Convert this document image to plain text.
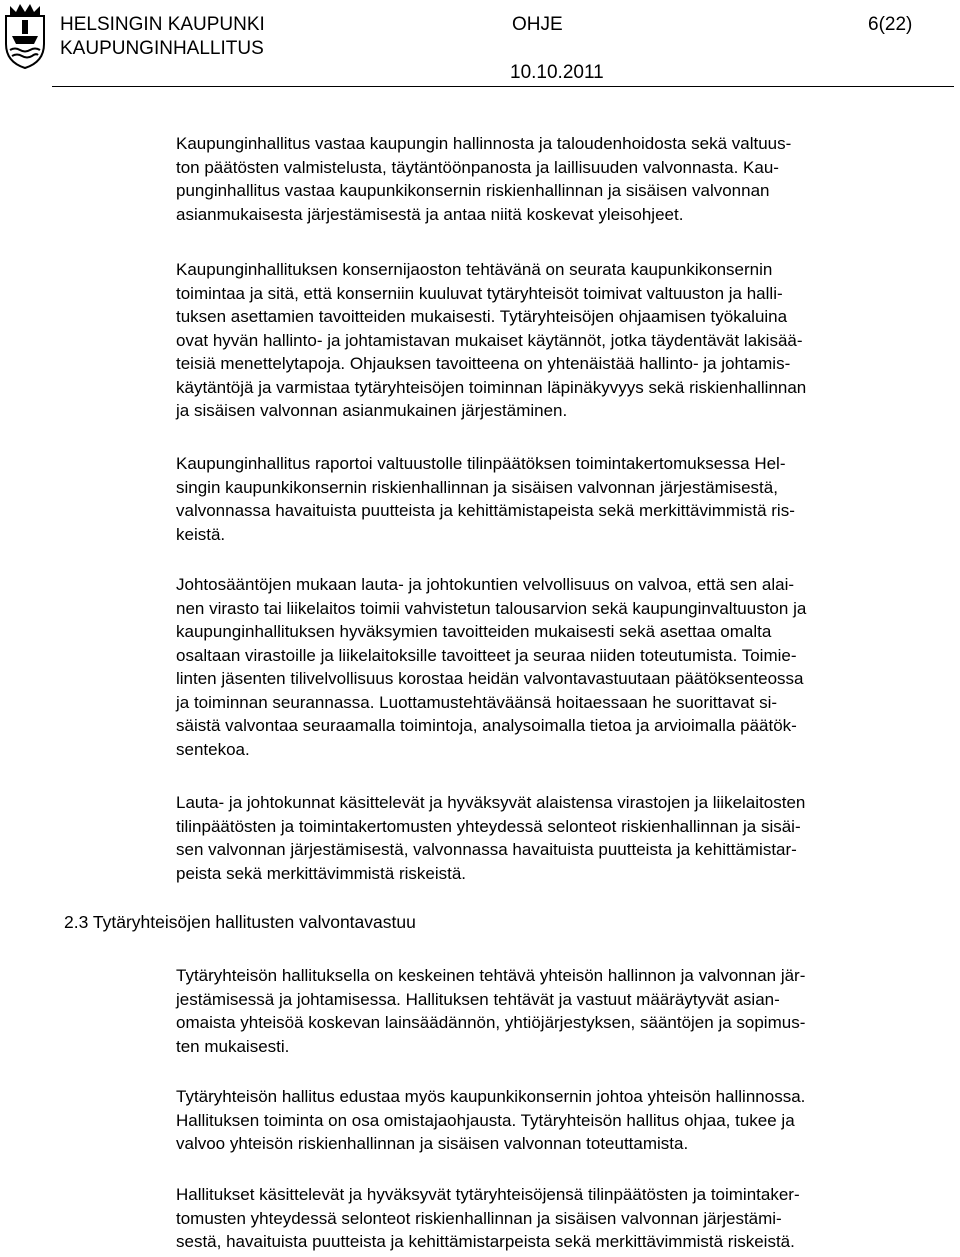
HELSINGIN KAUPUNKI
KAUPUNGINHALLITUS
OHJE	6(22)
10.10.2011
Kaupunginhallitus vastaa kaupungin hallinnosta ja taloudenhoidosta sekä valtuus-
ton päätösten valmistelusta, täytäntöönpanosta ja laillisuuden valvonnasta. Kau-
punginhallitus vastaa kaupunkikonsernin riskienhallinnan ja sisäisen valvonnan
asianmukaisesta järjestämisestä ja antaa niitä koskevat yleisohjeet.
Kaupunginhallituksen konsernijaoston tehtävänä on seurata kaupunkikonsernin
toimintaa ja sitä, että konserniin kuuluvat tytäryhteisöt toimivat valtuuston ja halli-
tuksen asettamien tavoitteiden mukaisesti. Tytäryhteisöjen ohjaamisen työkaluina
ovat hyvän hallinto- ja johtamistavan mukaiset käytännöt, jotka täydentävät lakisää-
teisiä menettelytapoja. Ohjauksen tavoitteena on yhtenäistää hallinto- ja johtamis-
käytäntöjä ja varmistaa tytäryhteisöjen toiminnan läpinäkyvyys sekä riskienhallinnan
ja sisäisen valvonnan asianmukainen järjestäminen.
Kaupunginhallitus raportoi valtuustolle tilinpäätöksen toimintakertomuksessa Hel-
singin kaupunkikonsernin riskienhallinnan ja sisäisen valvonnan järjestämisestä,
valvonnassa havaituista puutteista ja kehittämistapeista sekä merkittävimmistä ris-
keistä.
Johtosääntöjen mukaan lauta- ja johtokuntien velvollisuus on valvoa, että sen alai-
nen virasto tai liikelaitos toimii vahvistetun talousarvion sekä kaupunginvaltuuston ja
kaupunginhallituksen hyväksymien tavoitteiden mukaisesti sekä asettaa omalta
osaltaan virastoille ja liikelaitoksille tavoitteet ja seuraa niiden toteutumista. Toimie-
linten jäsenten tilivelvollisuus korostaa heidän valvontavastuutaan päätöksenteossa
ja toiminnan seurannassa. Luottamustehtäväänsä hoitaessaan he suorittavat si-
säistä valvontaa seuraamalla toimintoja, analysoimalla tietoa ja arvioimalla päätök-
sentekoa.
Lauta- ja johtokunnat käsittelevät ja hyväksyvät alaistensa virastojen ja liikelaitosten
tilinpäätösten ja toimintakertomusten yhteydessä selonteot riskienhallinnan ja sisäi-
sen valvonnan järjestämisestä, valvonnassa havaituista puutteista ja kehittämistar-
peista sekä merkittävimmistä riskeistä.
2.3 Tytäryhteisöjen hallitusten valvontavastuu
Tytäryhteisön hallituksella on keskeinen tehtävä yhteisön hallinnon ja valvonnan jär-
jestämisessä ja johtamisessa. Hallituksen tehtävät ja vastuut määräytyvät asian-
omaista yhteisöä koskevan lainsäädännön, yhtiöjärjestyksen, sääntöjen ja sopimus-
ten mukaisesti.
Tytäryhteisön hallitus edustaa myös kaupunkikonsernin johtoa yhteisön hallinnossa.
Hallituksen toiminta on osa omistajaohjausta. Tytäryhteisön hallitus ohjaa, tukee ja
valvoo yhteisön riskienhallinnan ja sisäisen valvonnan toteuttamista.
Hallitukset käsittelevät ja hyväksyvät tytäryhteisöjensä tilinpäätösten ja toimintaker-
tomusten yhteydessä selonteot riskienhallinnan ja sisäisen valvonnan järjestämi-
sestä, havaituista puutteista ja kehittämistarpeista sekä merkittävimmistä riskeistä.
